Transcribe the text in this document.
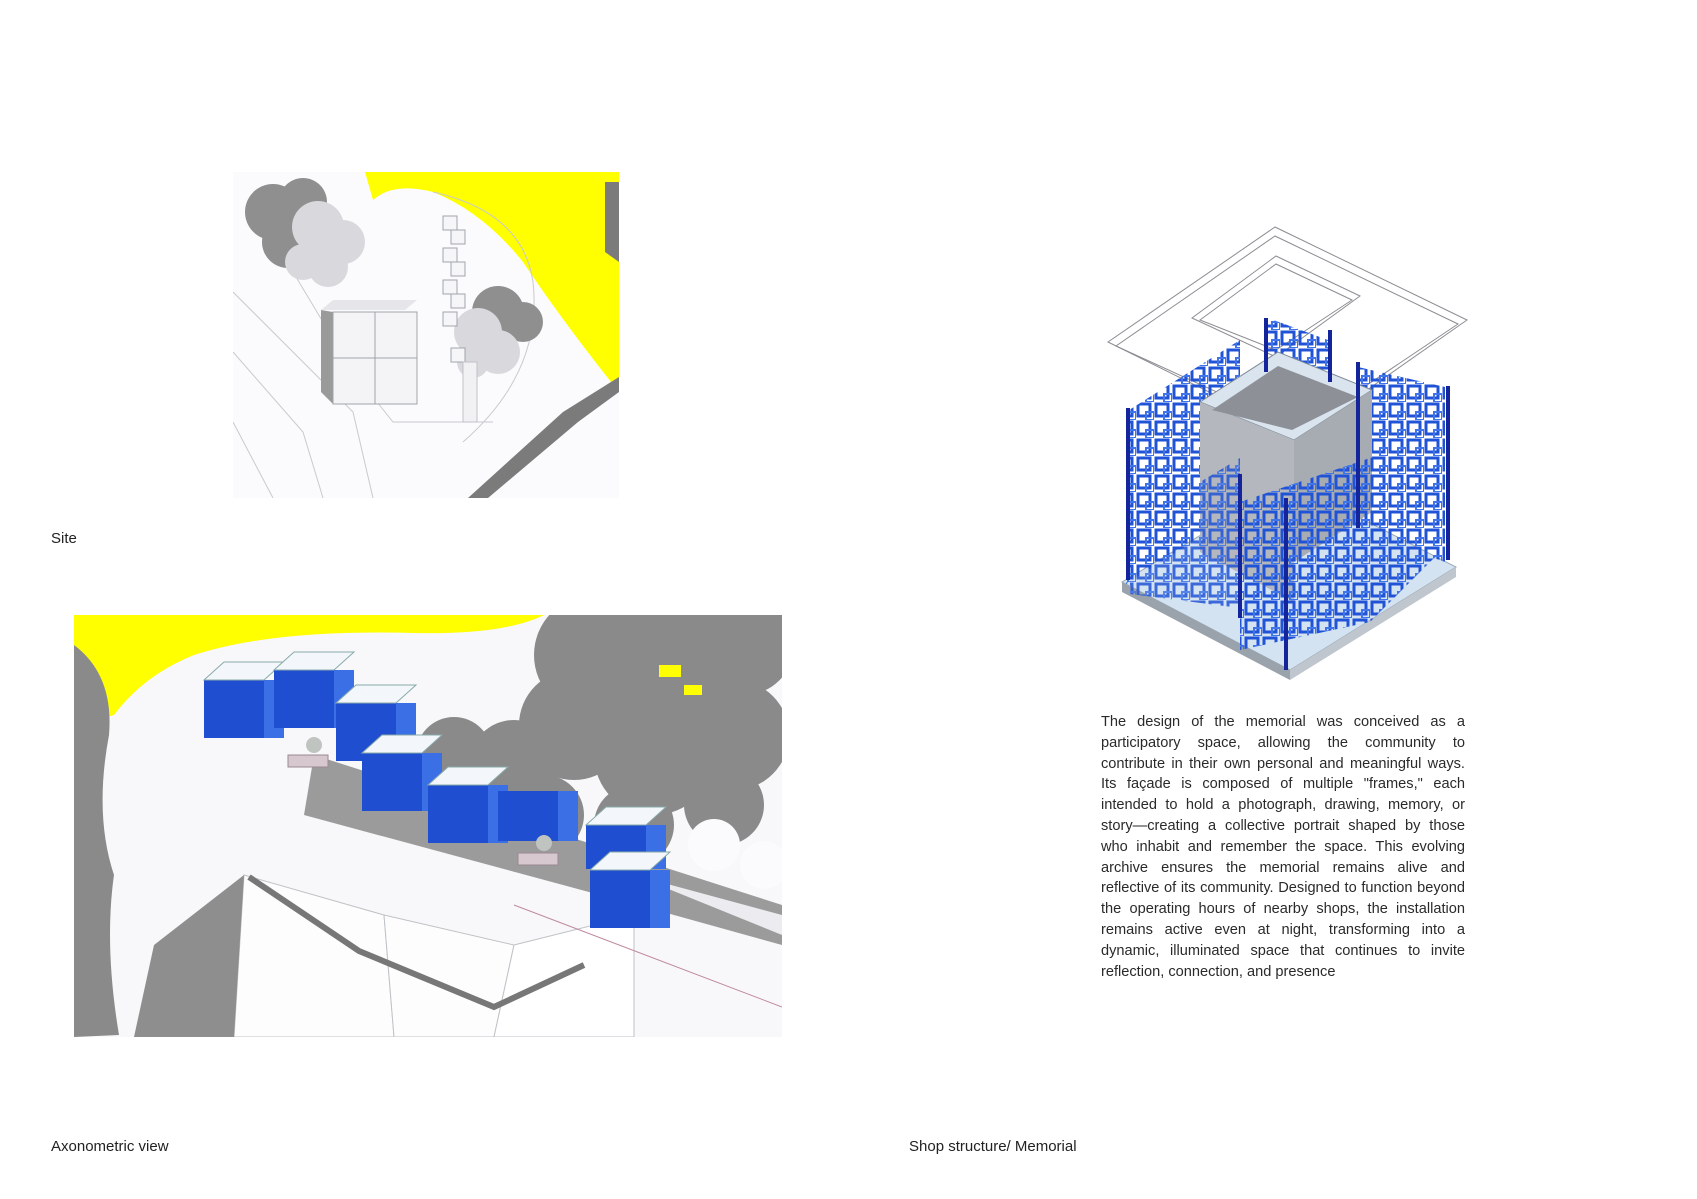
Site
Axonometric view
The design of the memorial was conceived as a participatory space, allowing the community to contribute in their own personal and meaningful ways. Its façade is composed of multiple "frames," each intended to hold a photograph, drawing, memory, or story—creating a collective portrait shaped by those who inhabit and remember the space. This evolving archive ensures the memorial remains alive and reflective of its community. Designed to function beyond the operating hours of nearby shops, the installation remains active even at night, transforming into a dynamic, illuminated space that continues to invite reflection, connection, and presence
Shop structure/ Memorial
